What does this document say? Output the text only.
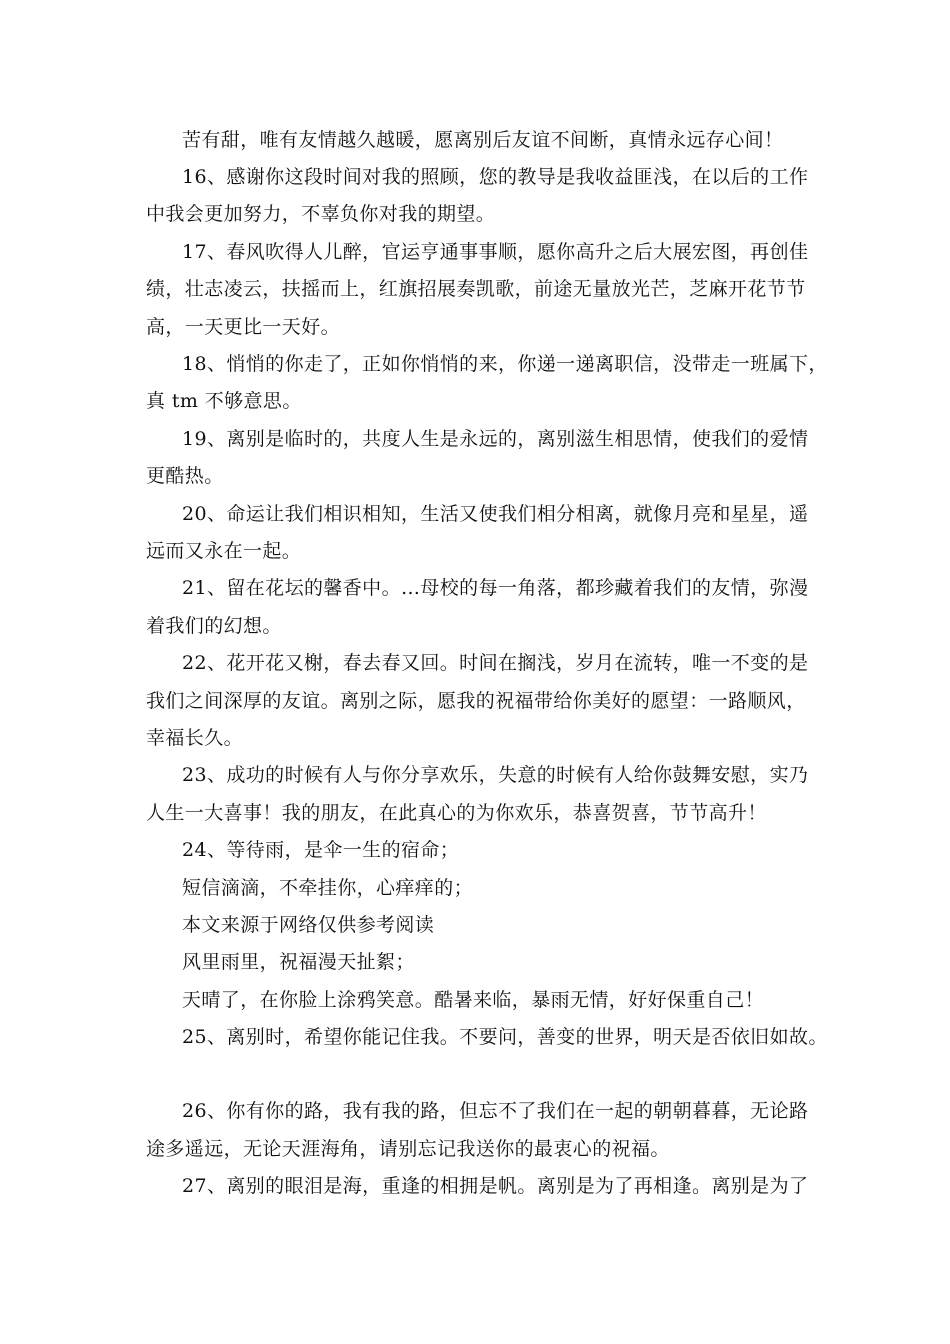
苦有甜，唯有友情越久越暖，愿离别后友谊不间断，真情永远存心间！
16、感谢你这段时间对我的照顾，您的教导是我收益匪浅，在以后的工作
中我会更加努力，不辜负你对我的期望。
17、春风吹得人儿醉，官运亨通事事顺，愿你高升之后大展宏图，再创佳
绩，壮志凌云，扶摇而上，红旗招展奏凯歌，前途无量放光芒，芝麻开花节节
高，一天更比一天好。
18、悄悄的你走了，正如你悄悄的来，你递一递离职信，没带走一班属下，
真 tm 不够意思。
19、离别是临时的，共度人生是永远的，离别滋生相思情，使我们的爱情
更酷热。
20、命运让我们相识相知，生活又使我们相分相离，就像月亮和星星，遥
远而又永在一起。
21、留在花坛的馨香中。…母校的每一角落，都珍藏着我们的友情，弥漫
着我们的幻想。
22、花开花又榭，春去春又回。时间在搁浅，岁月在流转，唯一不变的是
我们之间深厚的友谊。离别之际，愿我的祝福带给你美好的愿望：一路顺风，
幸福长久。
23、成功的时候有人与你分享欢乐，失意的时候有人给你鼓舞安慰，实乃
人生一大喜事！我的朋友，在此真心的为你欢乐，恭喜贺喜，节节高升！
24、等待雨，是伞一生的宿命；
短信滴滴，不牵挂你，心痒痒的；
本文来源于网络仅供参考阅读
风里雨里，祝福漫天扯絮；
天晴了，在你脸上涂鸦笑意。酷暑来临，暴雨无情，好好保重自己！
25、离别时，希望你能记住我。不要问，善变的世界，明天是否依旧如故。
26、你有你的路，我有我的路，但忘不了我们在一起的朝朝暮暮，无论路
途多遥远，无论天涯海角，请别忘记我送你的最衷心的祝福。
27、离别的眼泪是海，重逢的相拥是帆。离别是为了再相逢。离别是为了
